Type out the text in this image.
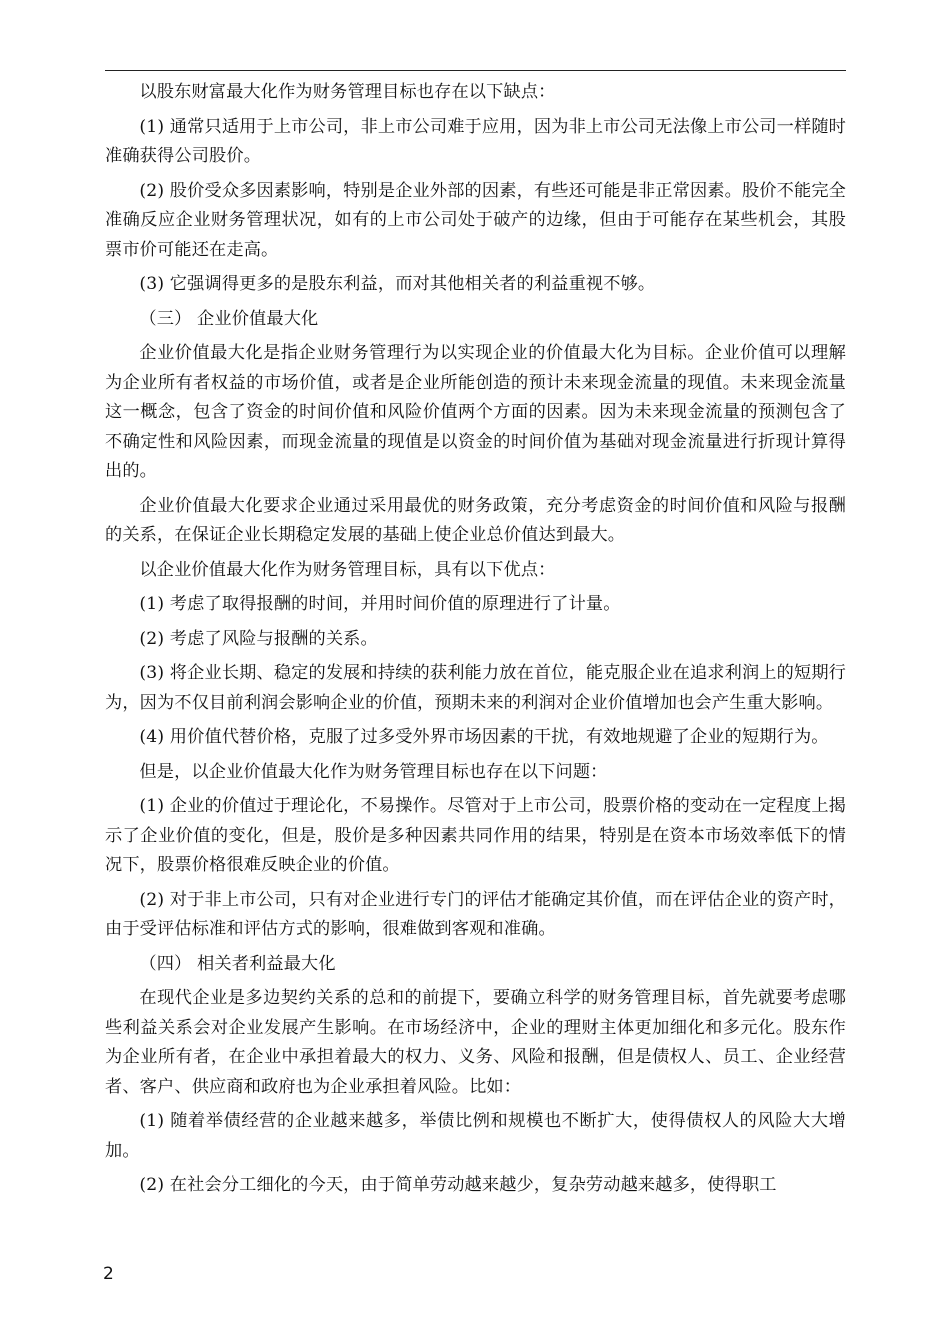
以股东财富最大化作为财务管理目标也存在以下缺点：

(1) 通常只适用于上市公司，非上市公司难于应用，因为非上市公司无法像上市公司一样随时准确获得公司股价。

(2) 股价受众多因素影响，特别是企业外部的因素，有些还可能是非正常因素。股价不能完全准确反应企业财务管理状况，如有的上市公司处于破产的边缘，但由于可能存在某些机会，其股票市价可能还在走高。

(3) 它强调得更多的是股东利益，而对其他相关者的利益重视不够。

（三） 企业价值最大化

企业价值最大化是指企业财务管理行为以实现企业的价值最大化为目标。企业价值可以理解为企业所有者权益的市场价值，或者是企业所能创造的预计未来现金流量的现值。未来现金流量这一概念，包含了资金的时间价值和风险价值两个方面的因素。因为未来现金流量的预测包含了不确定性和风险因素，而现金流量的现值是以资金的时间价值为基础对现金流量进行折现计算得出的。

企业价值最大化要求企业通过采用最优的财务政策，充分考虑资金的时间价值和风险与报酬的关系，在保证企业长期稳定发展的基础上使企业总价值达到最大。

以企业价值最大化作为财务管理目标，具有以下优点：

(1) 考虑了取得报酬的时间，并用时间价值的原理进行了计量。

(2) 考虑了风险与报酬的关系。

(3) 将企业长期、稳定的发展和持续的获利能力放在首位，能克服企业在追求利润上的短期行为，因为不仅目前利润会影响企业的价值，预期未来的利润对企业价值增加也会产生重大影响。

(4) 用价值代替价格，克服了过多受外界市场因素的干扰，有效地规避了企业的短期行为。

但是，以企业价值最大化作为财务管理目标也存在以下问题：

(1) 企业的价值过于理论化，不易操作。尽管对于上市公司，股票价格的变动在一定程度上揭示了企业价值的变化，但是，股价是多种因素共同作用的结果，特别是在资本市场效率低下的情况下，股票价格很难反映企业的价值。

(2) 对于非上市公司，只有对企业进行专门的评估才能确定其价值，而在评估企业的资产时，由于受评估标准和评估方式的影响，很难做到客观和准确。

（四） 相关者利益最大化

在现代企业是多边契约关系的总和的前提下，要确立科学的财务管理目标，首先就要考虑哪些利益关系会对企业发展产生影响。在市场经济中，企业的理财主体更加细化和多元化。股东作为企业所有者，在企业中承担着最大的权力、义务、风险和报酬，但是债权人、员工、企业经营者、客户、供应商和政府也为企业承担着风险。比如：

(1) 随着举债经营的企业越来越多，举债比例和规模也不断扩大，使得债权人的风险大大增加。

(2) 在社会分工细化的今天，由于简单劳动越来越少，复杂劳动越来越多，使得职工

2
